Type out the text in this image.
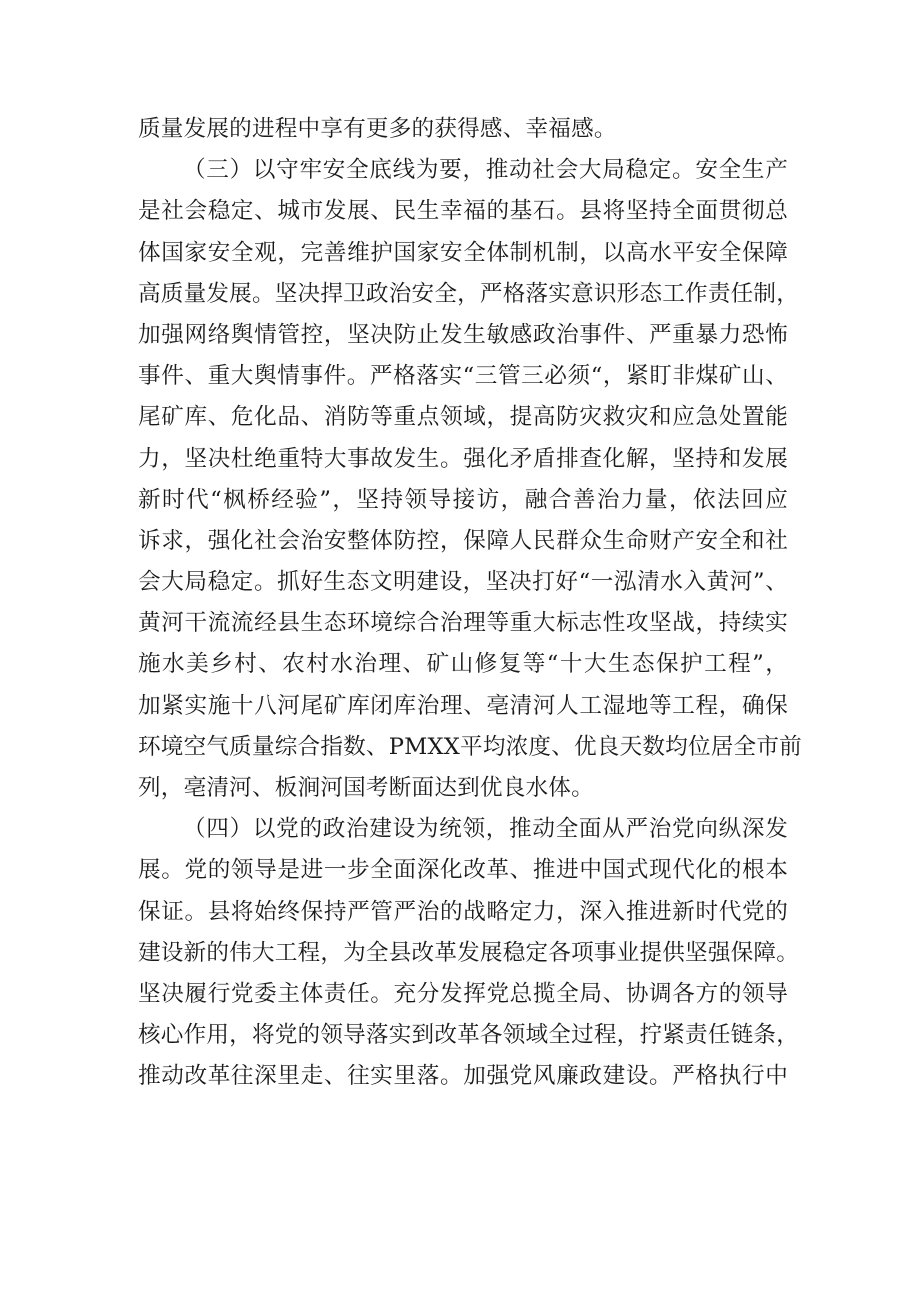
质量发展的进程中享有更多的获得感、幸福感。
（三）以守牢安全底线为要，推动社会大局稳定。安全生产
是社会稳定、城市发展、民生幸福的基石。县将坚持全面贯彻总
体国家安全观，完善维护国家安全体制机制，以高水平安全保障
高质量发展。坚决捍卫政治安全，严格落实意识形态工作责任制，
加强网络舆情管控，坚决防止发生敏感政治事件、严重暴力恐怖
事件、重大舆情事件。严格落实“三管三必须“，紧盯非煤矿山、
尾矿库、危化品、消防等重点领域，提高防灾救灾和应急处置能
力，坚决杜绝重特大事故发生。强化矛盾排查化解，坚持和发展
新时代“枫桥经验”，坚持领导接访，融合善治力量，依法回应
诉求，强化社会治安整体防控，保障人民群众生命财产安全和社
会大局稳定。抓好生态文明建设，坚决打好“一泓清水入黄河”、
黄河干流流经县生态环境综合治理等重大标志性攻坚战，持续实
施水美乡村、农村水治理、矿山修复等“十大生态保护工程”，
加紧实施十八河尾矿库闭库治理、亳清河人工湿地等工程，确保
环境空气质量综合指数、PMXX平均浓度、优良天数均位居全市前
列，亳清河、板涧河国考断面达到优良水体。
（四）以党的政治建设为统领，推动全面从严治党向纵深发
展。党的领导是进一步全面深化改革、推进中国式现代化的根本
保证。县将始终保持严管严治的战略定力，深入推进新时代党的
建设新的伟大工程，为全县改革发展稳定各项事业提供坚强保障。
坚决履行党委主体责任。充分发挥党总揽全局、协调各方的领导
核心作用，将党的领导落实到改革各领域全过程，拧紧责任链条，
推动改革往深里走、往实里落。加强党风廉政建设。严格执行中
